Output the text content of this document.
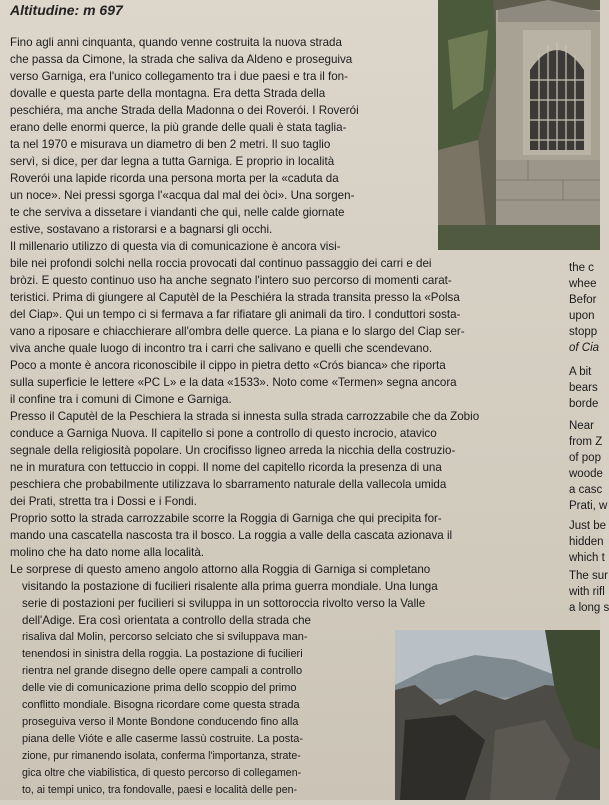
Altitudine: m 697
the c
whee
Befor
upon
stopp
of Cia
A bit
bears
borde
Near
from Z
of pop
woode
a casc
Prati, w
Just be
hidden
which t
The sur
with rifl
a long s
Fino agli anni cinquanta, quando venne costruita la nuova strada
che passa da Cimone, la strada che saliva da Aldeno e proseguiva
verso Garniga, era l'unico collegamento tra i due paesi e tra il fon-
dovalle e questa parte della montagna. Era detta Strada della
peschiéra, ma anche Strada della Madonna o dei Roverói. I Roverói
erano delle enormi querce, la più grande delle quali è stata taglia-
ta nel 1970 e misurava un diametro di ben 2 metri. Il suo taglio
servì, si dice, per dar legna a tutta Garniga. E proprio in località
Roverói una lapide ricorda una persona morta per la «caduta da
un noce». Nei pressi sgorga l'«acqua dal mal dei òci». Una sorgen-
te che serviva a dissetare i viandanti che qui, nelle calde giornate
estive, sostavano a ristorarsi e a bagnarsi gli occhi.
Il millenario utilizzo di questa via di comunicazione è ancora visi-
bile nei profondi solchi nella roccia provocati dal continuo passaggio dei carri e dei
bròzi. E questo continuo uso ha anche segnato l'intero suo percorso di momenti carat-
teristici. Prima di giungere al Caputèl de la Peschiéra la strada transita presso la «Polsa
del Ciap». Qui un tempo ci si fermava a far rifiatare gli animali da tiro. I conduttori sosta-
vano a riposare e chiacchierare all'ombra delle querce. La piana e lo slargo del Ciap ser-
viva anche quale luogo di incontro tra i carri che salivano e quelli che scendevano.
Poco a monte è ancora riconoscibile il cippo in pietra detto «Crós bianca» che riporta
sulla superficie le lettere «PC L» e la data «1533». Noto come «Termen» segna ancora
il confine tra i comuni di Cimone e Garniga.
Presso il Caputèl de la Peschiera la strada si innesta sulla strada carrozzabile che da Zobio
conduce a Garniga Nuova. Il capitello si pone a controllo di questo incrocio, atavico
segnale della religiosità popolare. Un crocifisso ligneo arreda la nicchia della costruzio-
ne in muratura con tettuccio in coppi. Il nome del capitello ricorda la presenza di una
peschiera che probabilmente utilizzava lo sbarramento naturale della vallecola umida
dei Prati, stretta tra i Dossi e i Fondi.
Proprio sotto la strada carrozzabile scorre la Roggia di Garniga che qui precipita for-
mando una cascatella nascosta tra il bosco. La roggia a valle della cascata azionava il
molino che ha dato nome alla località.
Le sorprese di questo ameno angolo attorno alla Roggia di Garniga si completano
visitando la postazione di fucilieri risalente alla prima guerra mondiale. Una lunga
serie di postazioni per fucilieri si sviluppa in un sottoroccia rivolto verso la Valle
dell'Adige. Era così orientata a controllo della strada che
risaliva dal Molin, percorso selciato che si sviluppava man-
tenendosi in sinistra della roggia. La postazione di fucilieri
rientra nel grande disegno delle opere campali a controllo
delle vie di comunicazione prima dello scoppio del primo
conflitto mondiale. Bisogna ricordare come questa strada
proseguiva verso il Monte Bondone conducendo fino alla
piana delle Vióte e alle caserme lassù costruite. La posta-
zione, pur rimanendo isolata, conferma l'importanza, strate-
gica oltre che viabilistica, di questo percorso di collegamen-
to, ai tempi unico, tra fondovalle, paesi e località delle pen-
